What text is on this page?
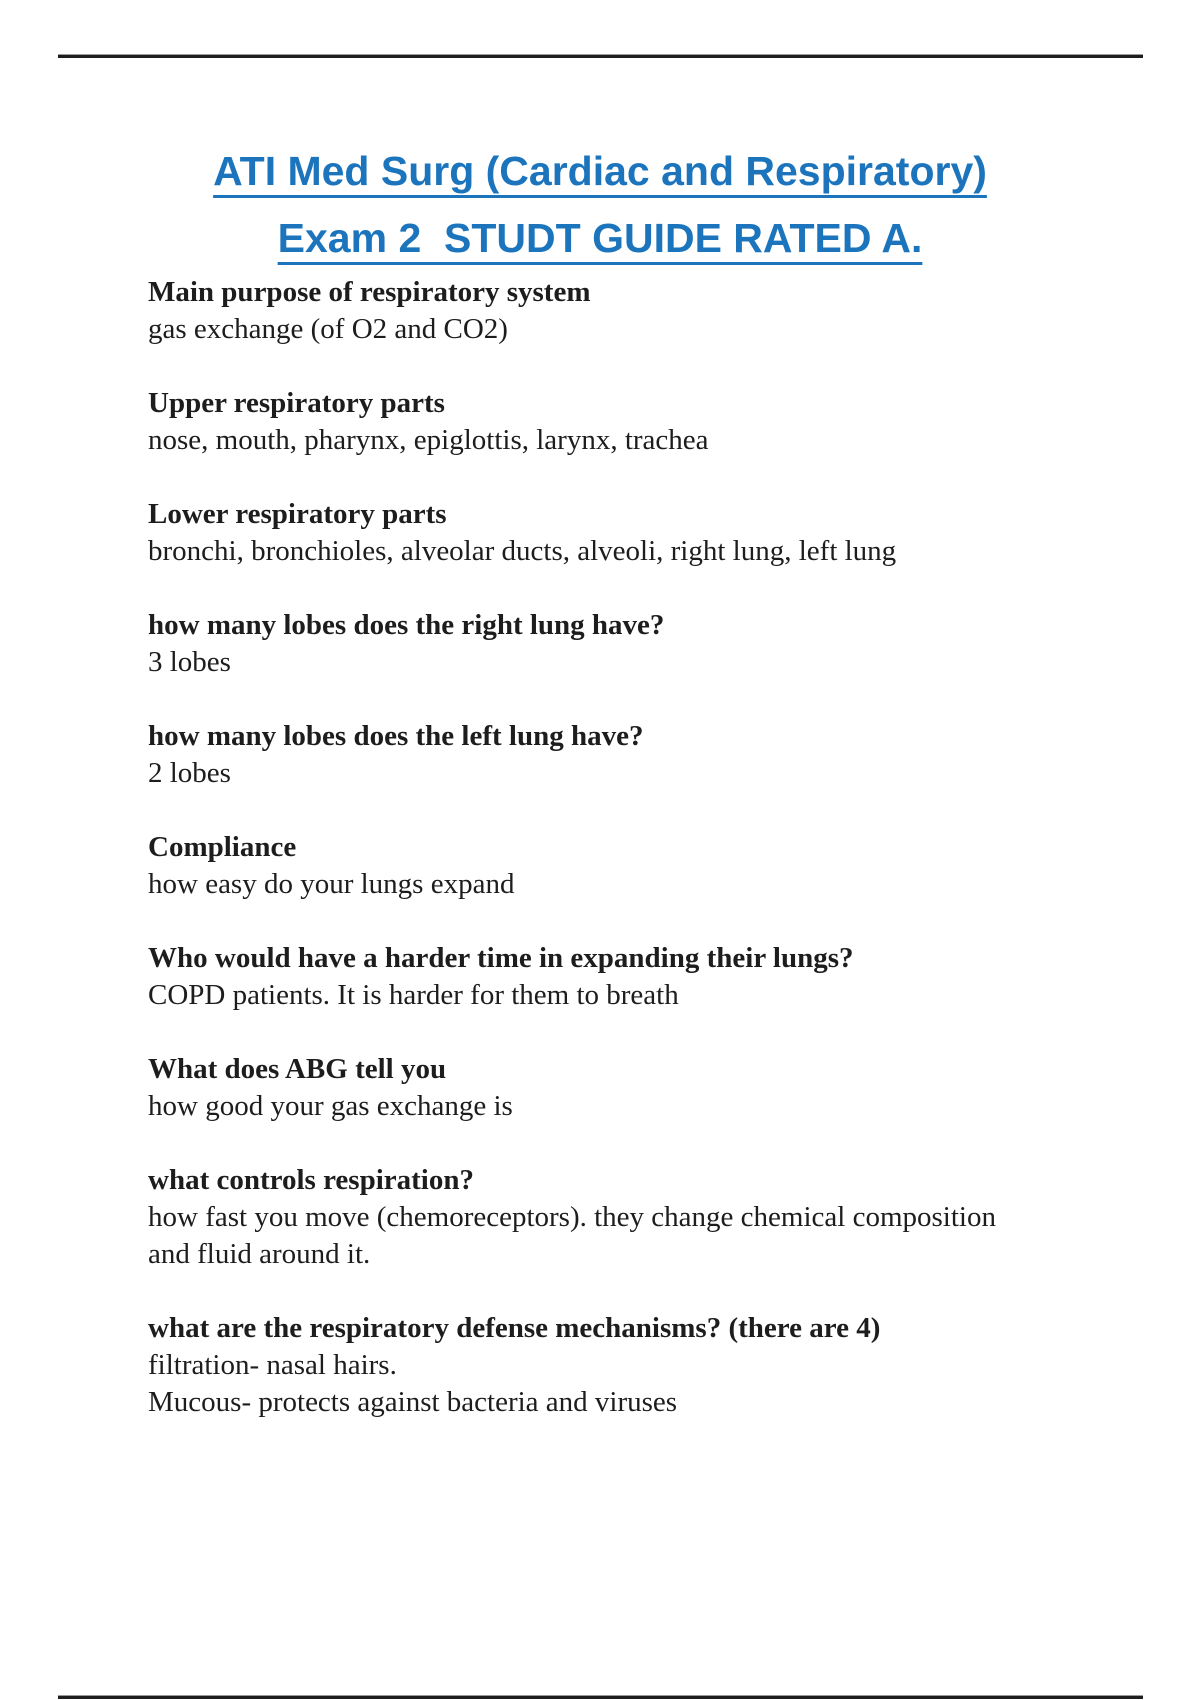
ATI Med Surg (Cardiac and Respiratory)
Exam 2  STUDT GUIDE RATED A.
Main purpose of respiratory system
gas exchange (of O2 and CO2)
Upper respiratory parts
nose, mouth, pharynx, epiglottis, larynx, trachea
Lower respiratory parts
bronchi, bronchioles, alveolar ducts, alveoli, right lung, left lung
how many lobes does the right lung have?
3 lobes
how many lobes does the left lung have?
2 lobes
Compliance
how easy do your lungs expand
Who would have a harder time in expanding their lungs?
COPD patients. It is harder for them to breath
What does ABG tell you
how good your gas exchange is
what controls respiration?
how fast you move (chemoreceptors). they change chemical composition
and fluid around it.
what are the respiratory defense mechanisms? (there are 4)
filtration- nasal hairs.
Mucous- protects against bacteria and viruses
